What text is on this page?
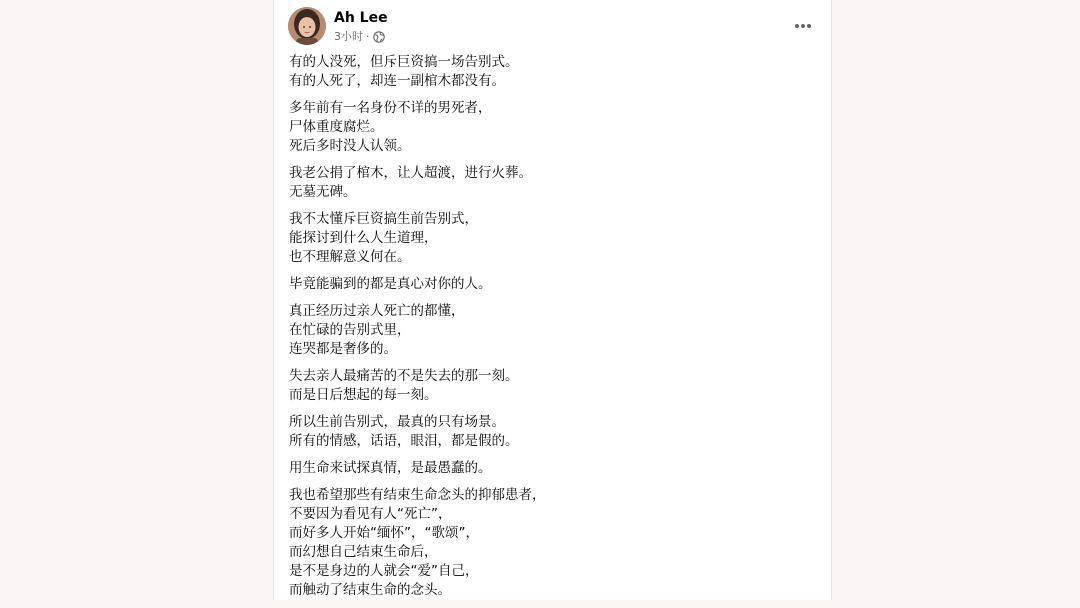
Ah Lee
3小时 ·
有的人没死，但斥巨资搞一场告别式。
有的人死了，却连一副棺木都没有。
多年前有一名身份不详的男死者，
尸体重度腐烂。
死后多时没人认领。
我老公捐了棺木，让人超渡，进行火葬。
无墓无碑。
我不太懂斥巨资搞生前告别式，
能探讨到什么人生道理，
也不理解意义何在。
毕竟能骗到的都是真心对你的人。
真正经历过亲人死亡的都懂，
在忙碌的告别式里，
连哭都是奢侈的。
失去亲人最痛苦的不是失去的那一刻。
而是日后想起的每一刻。
所以生前告别式，最真的只有场景。
所有的情感，话语，眼泪，都是假的。
用生命来试探真情，是最愚蠢的。
我也希望那些有结束生命念头的抑郁患者，
不要因为看见有人“死亡”，
而好多人开始“缅怀”，“歌颂”，
而幻想自己结束生命后，
是不是身边的人就会“爱”自己，
而触动了结束生命的念头。
